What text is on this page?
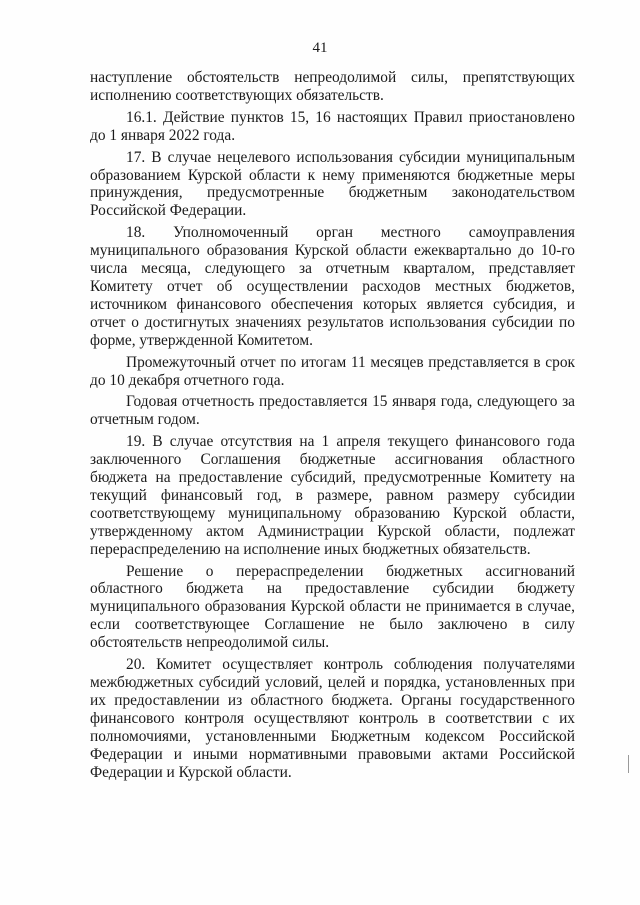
41

наступление обстоятельств непреодолимой силы, препятствующих исполнению соответствующих обязательств.

16.1. Действие пунктов 15, 16 настоящих Правил приостановлено до 1 января 2022 года.

17. В случае нецелевого использования субсидии муниципальным образованием Курской области к нему применяются бюджетные меры принуждения, предусмотренные бюджетным законодательством Российской Федерации.

18. Уполномоченный орган местного самоуправления муниципального образования Курской области ежеквартально до 10-го числа месяца, следующего за отчетным кварталом, представляет Комитету отчет об осуществлении расходов местных бюджетов, источником финансового обеспечения которых является субсидия, и отчет о достигнутых значениях результатов использования субсидии по форме, утвержденной Комитетом.

Промежуточный отчет по итогам 11 месяцев представляется в срок до 10 декабря отчетного года.

Годовая отчетность предоставляется 15 января года, следующего за отчетным годом.

19. В случае отсутствия на 1 апреля текущего финансового года заключенного Соглашения бюджетные ассигнования областного бюджета на предоставление субсидий, предусмотренные Комитету на текущий финансовый год, в размере, равном размеру субсидии соответствующему муниципальному образованию Курской области, утвержденному актом Администрации Курской области, подлежат перераспределению на исполнение иных бюджетных обязательств.

Решение о перераспределении бюджетных ассигнований областного бюджета на предоставление субсидии бюджету муниципального образования Курской области не принимается в случае, если соответствующее Соглашение не было заключено в силу обстоятельств непреодолимой силы.

20. Комитет осуществляет контроль соблюдения получателями межбюджетных субсидий условий, целей и порядка, установленных при их предоставлении из областного бюджета. Органы государственного финансового контроля осуществляют контроль в соответствии с их полномочиями, установленными Бюджетным кодексом Российской Федерации и иными нормативными правовыми актами Российской Федерации и Курской области.
